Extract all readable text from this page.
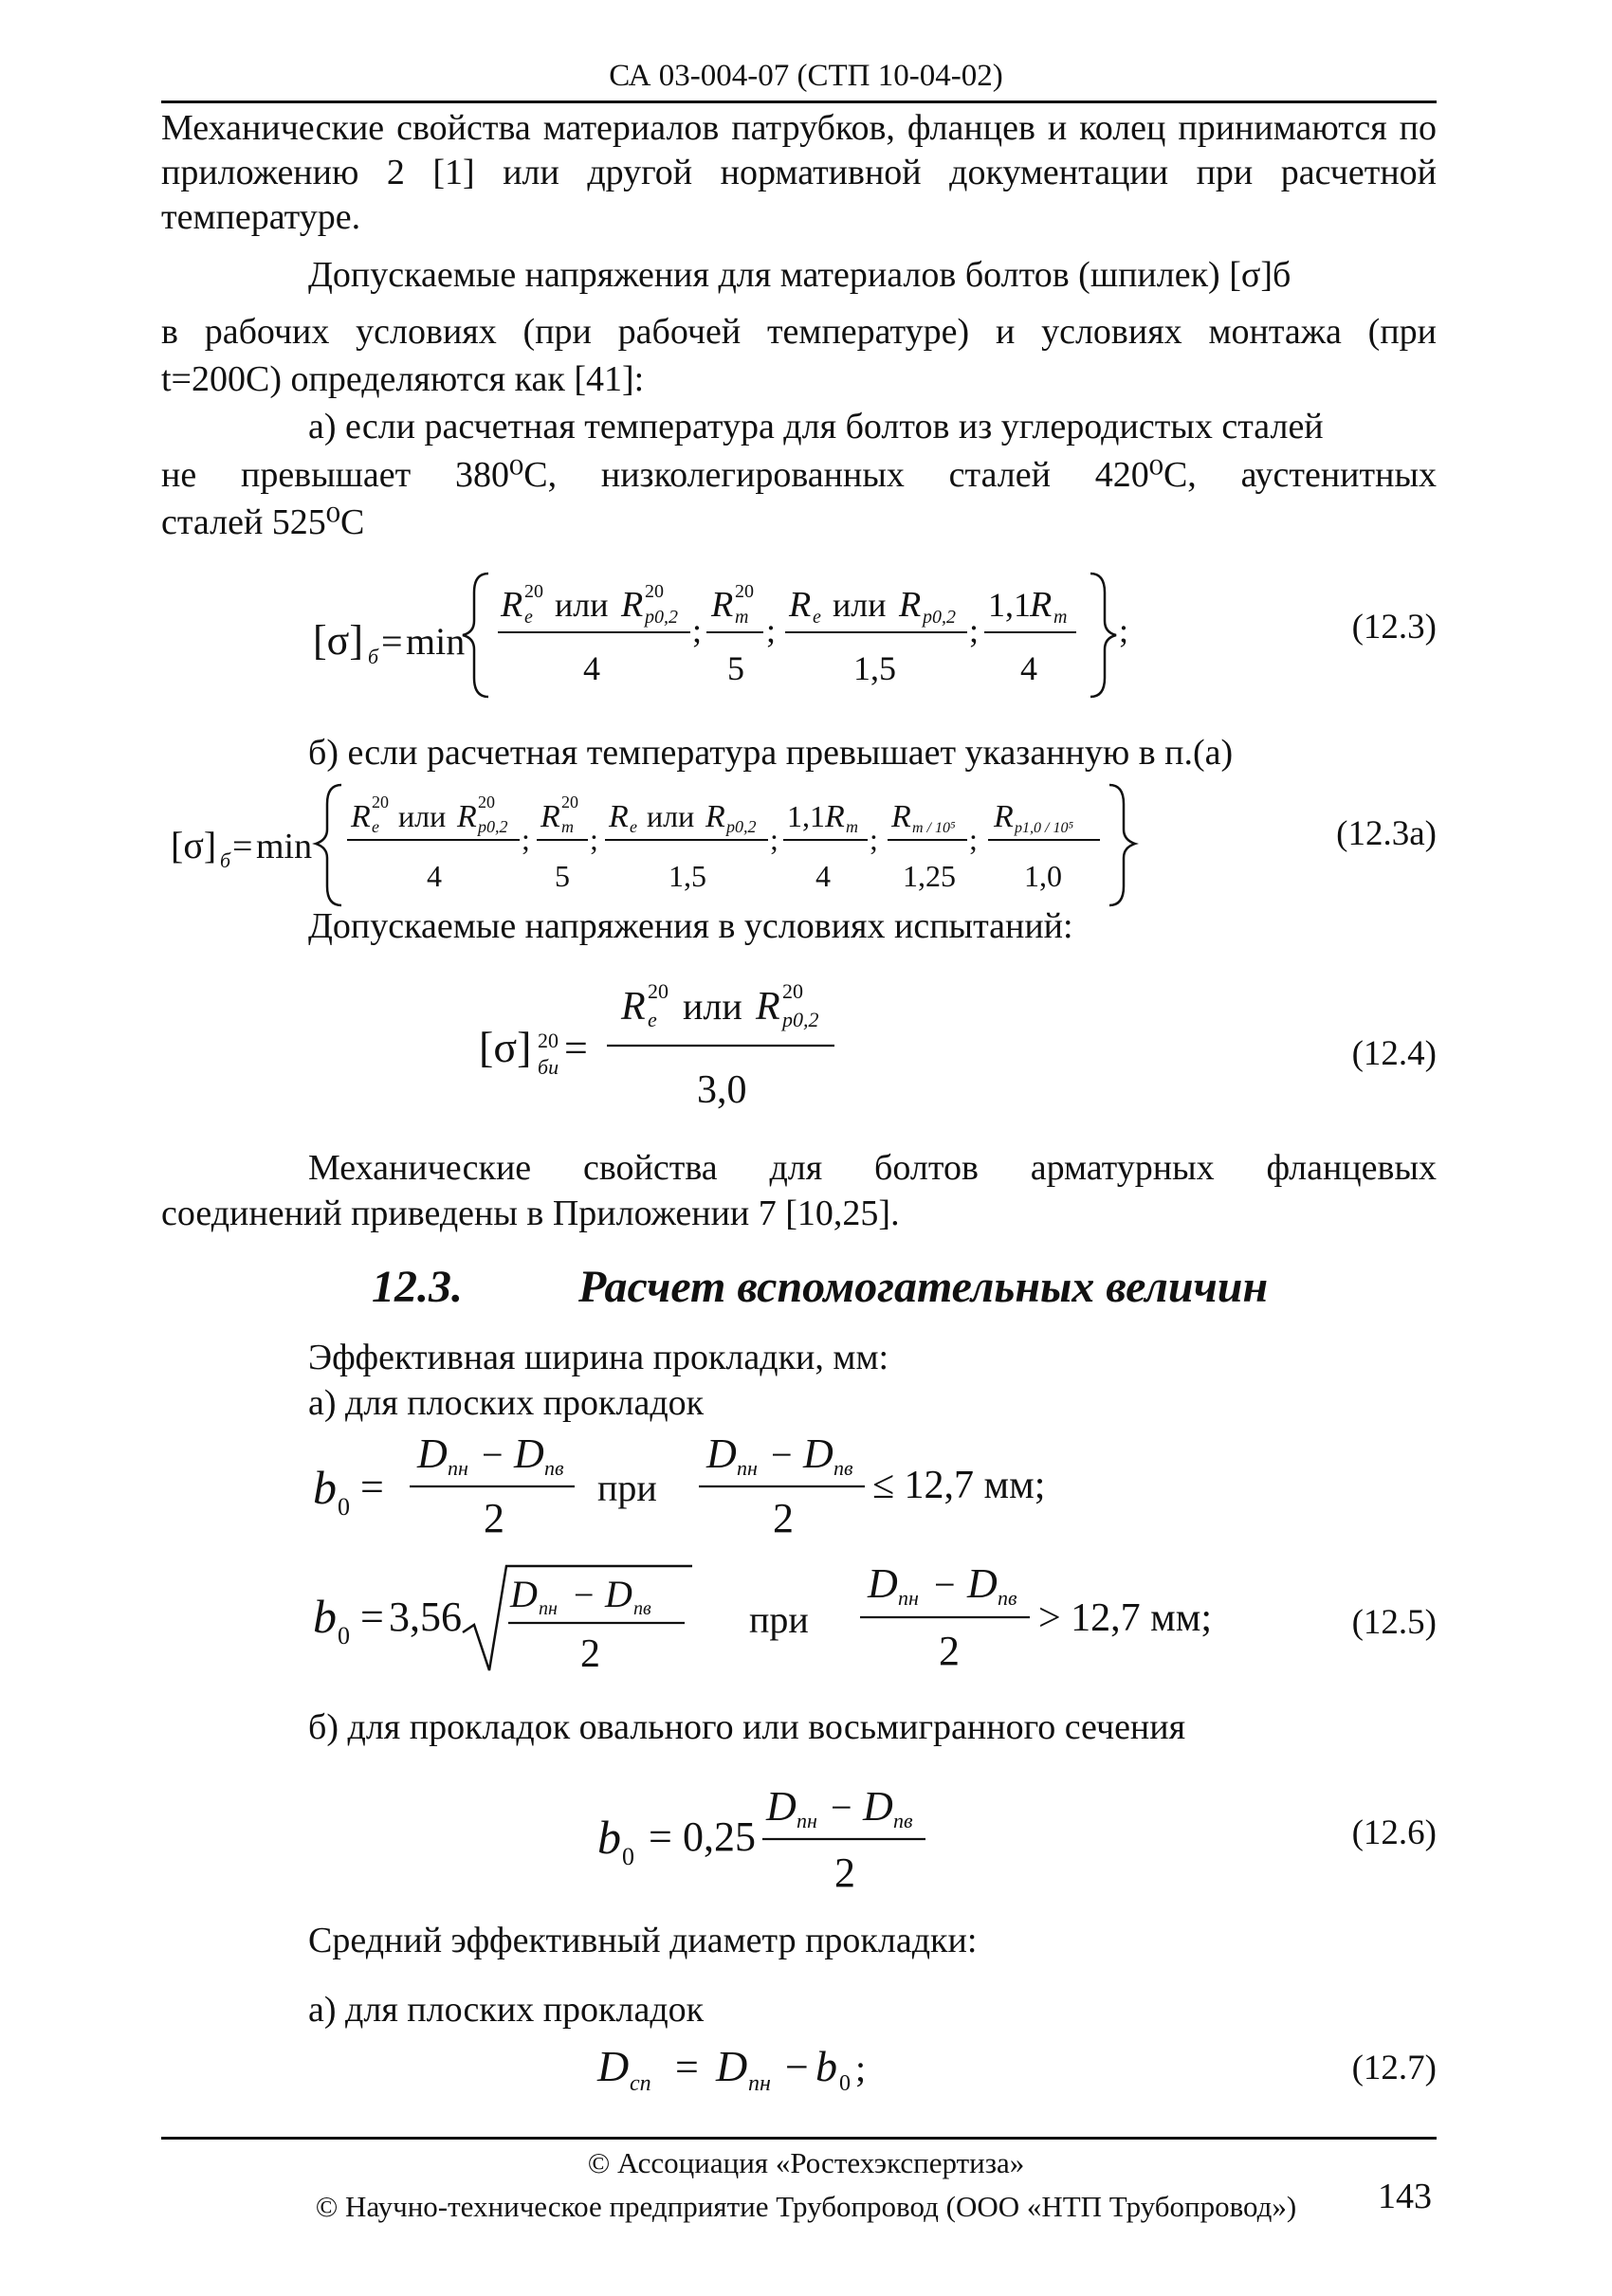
СА 03-004-07 (СТП 10-04-02)
Механические свойства материалов патрубков, фланцев и колец принимаются по приложению 2 [1] или другой нормативной документации при расчетной температуре.
Допускаемые напряжения для материалов болтов (шпилек) [σ]б
в рабочих условиях (при рабочей температуре) и условиях монтажа (при
t=200С) определяются как [41]:
а) если расчетная температура для болтов из углеродистых сталей
не превышает 380⁰С, низколегированных сталей 420⁰С, аустенитных
сталей 525⁰С
[σ] б = min
R e
20 или R p0,2
20
4
;
R m
20
5
;
R e или R p0,2
1,5
;
1,1 R m
4
;	(12.3)
б) если расчетная температура превышает указанную в п.(а)
[σ] б = min
R e
20 или R p0,2
20
4
;
R m
20
5
;
R e или R p0,2
1,5
;
1,1 R m
4
;
R m / 10⁵
1,25
;
R p1,0 / 10⁵
1,0
(12.3а)
Допускаемые напряжения в условиях испытаний:
[σ] 20
би =
R e
20 или R p0,2
20
3,0
(12.4)
Механические свойства для болтов арматурных фланцевых
соединений приведены в Приложении 7 [10,25].
12.3.	Расчет вспомогательных величин
Эффективная ширина прокладки, мм:
а) для плоских прокладок
b 0 =
D пн − D пв
2
при
D пн − D пв
2
≤ 12,7 мм;
b 0 = 3,56 D пн − D пв
2
при
D пн − D пв
2
> 12,7 мм;	(12.5)
б) для прокладок овального или восьмигранного сечения
b 0 = 0,25
D пн − D пв
2
(12.6)
Средний эффективный диаметр прокладки:
а) для плоских прокладок
D сп = D пн − b 0 ;	(12.7)
© Ассоциация «Ростехэкспертиза»
© Научно-техническое предприятие Трубопровод (ООО «НТП Трубопровод»)	143
